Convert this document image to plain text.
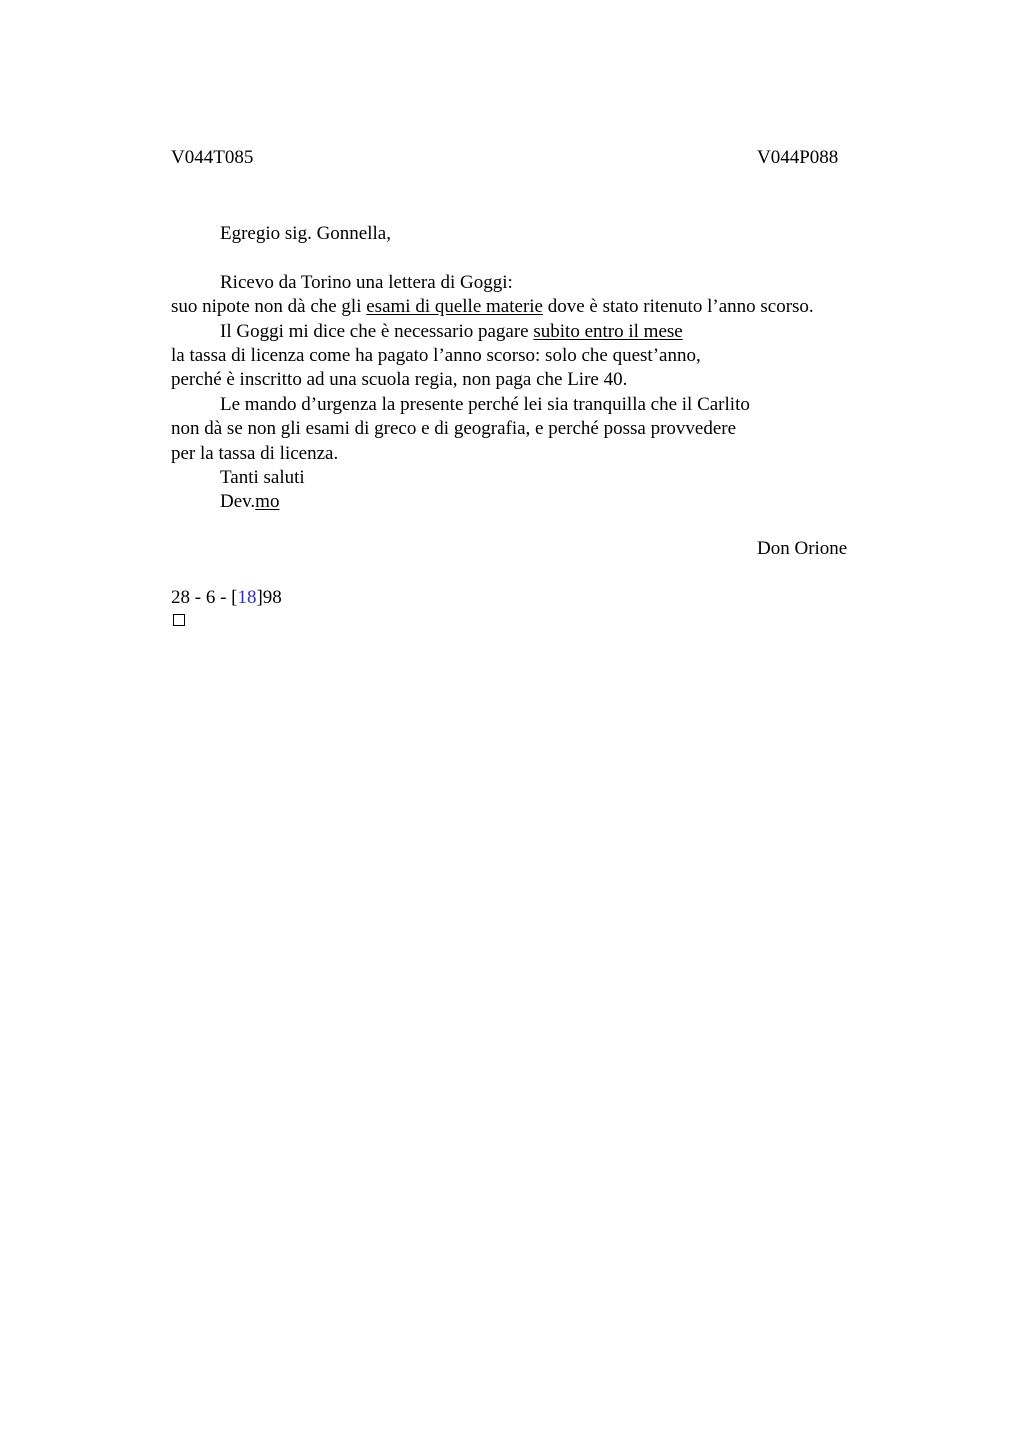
V044T085	V044P088
Egregio sig. Gonnella,
Ricevo da Torino una lettera di Goggi:
suo nipote non dà che gli esami di quelle materie dove è stato ritenuto l’anno scorso.
Il Goggi mi dice che è necessario pagare subito entro il mese
la tassa di licenza come ha pagato l’anno scorso: solo che quest’anno,
perché è inscritto ad una scuola regia, non paga che Lire 40.
Le mando d’urgenza la presente perché lei sia tranquilla che il Carlito
non dà se non gli esami di greco e di geografia, e perché possa provvedere
per la tassa di licenza.
Tanti saluti
Dev.mo
Don Orione
28 - 6 - [18]98
